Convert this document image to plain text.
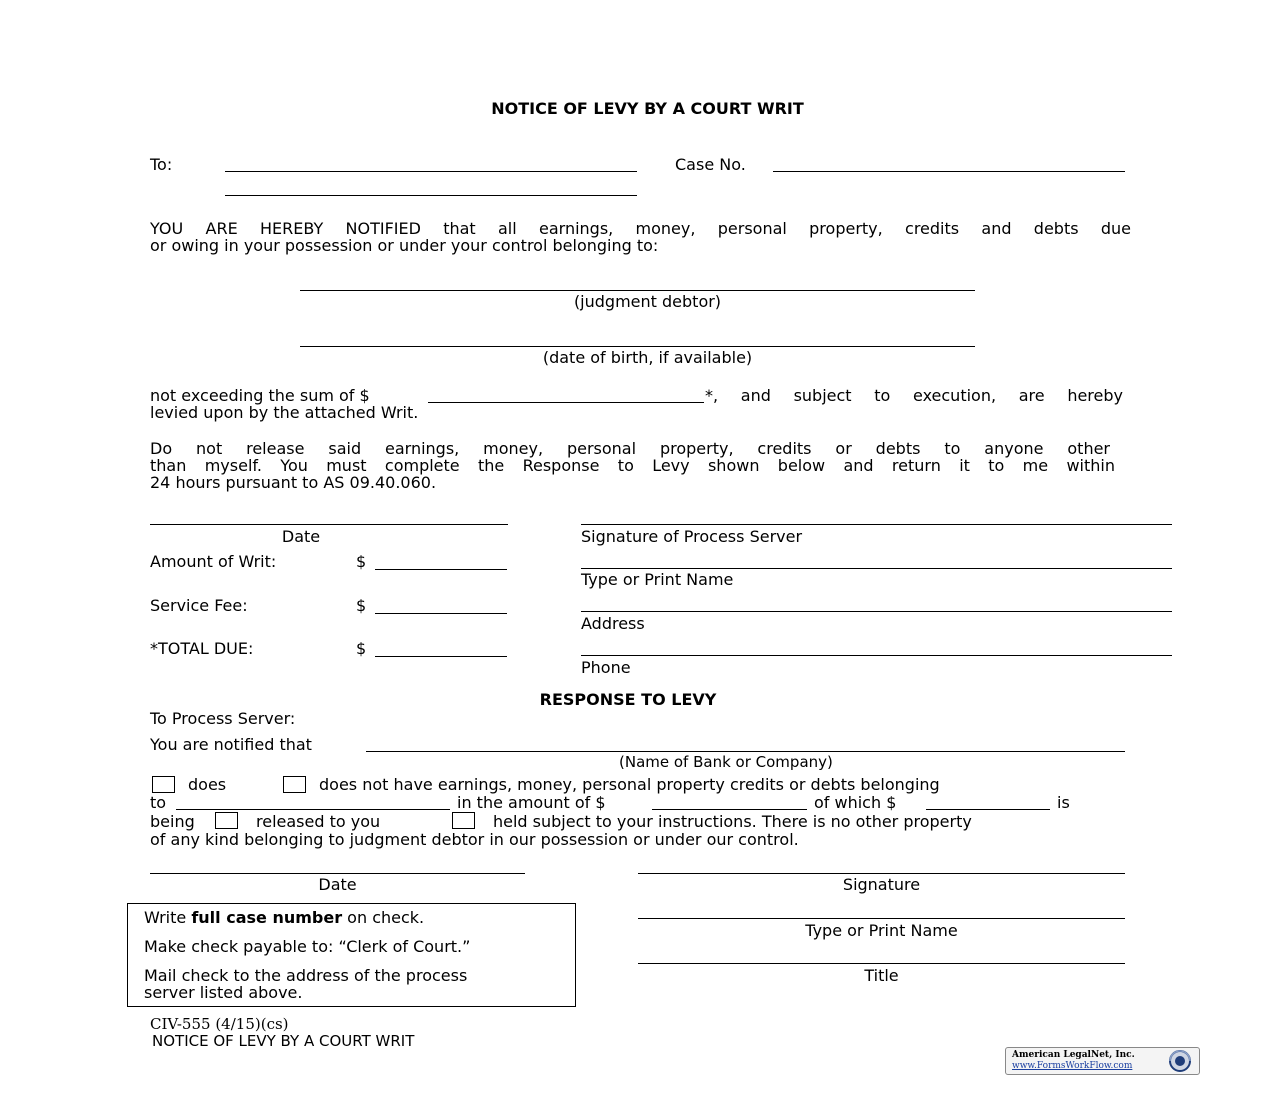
NOTICE OF LEVY BY A COURT WRIT
To:	Case No.
YOU ARE HEREBY NOTIFIED that all earnings, money, personal property, credits and debts due
or owing in your possession or under your control belonging to:
(judgment debtor)
(date of birth, if available)
not exceeding the sum of $	*, and subject to execution, are hereby
levied upon by the attached Writ.
Do not release said earnings, money, personal property, credits or debts to anyone other
than myself. You must complete the Response to Levy shown below and return it to me within
24 hours pursuant to AS 09.40.060.
Date
Amount of Writ:	$
Service Fee:	$
*TOTAL DUE:	$
Signature of Process Server
Type or Print Name
Address
Phone
RESPONSE TO LEVY
To Process Server:
You are notified that
(Name of Bank or Company)
does	does not have earnings, money, personal property credits or debts belonging
to	in the amount of $	of which $	is
being	released to you	held subject to your instructions. There is no other property
of any kind belonging to judgment debtor in our possession or under our control.
Date	Signature
Type or Print Name
Title
Write full case number on check.
Make check payable to: “Clerk of Court.”
Mail check to the address of the process
server listed above.
CIV-555 (4/15)(cs)
NOTICE OF LEVY BY A COURT WRIT
American LegalNet, Inc.
www.FormsWorkFlow.com
